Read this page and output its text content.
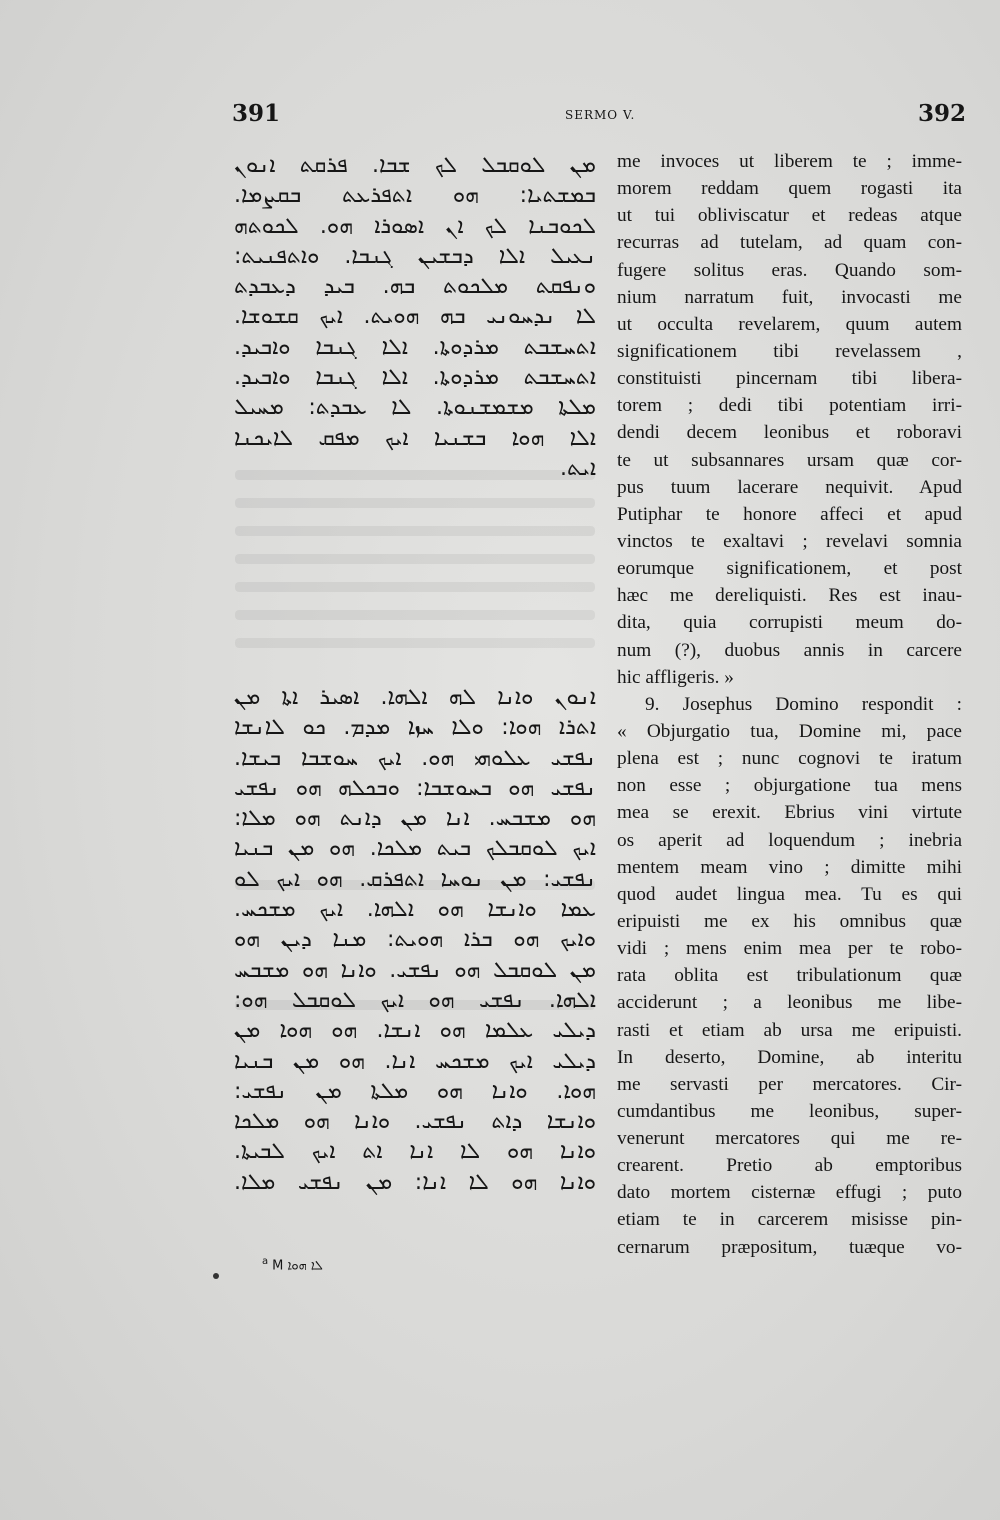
391	SERMO V.	392
ܡܢ ܠܘܩܒܠ ܠܟ ܫܒܐ. ܦܪܩܬ ܐܢܘܢ
ܒܡܫܬܝܐ: ܗܘ ܐܬܦܪܥܬ ܒܩܨܡܐ.
ܠܟܘܒܢܐ ܠܟ ܐܢ ܐܣܘܪܐ ܗܘ. ܠܟܘܬܗ
ܢܥܝܠ ܐܠܐ ܕܒܫܝܢ ܓܢܒܐ. ܘܐܬܦܢܝܬ:
ܘܢܦܩܬ ܡܠܟܘܬ ܒܗ. ܒܝܕ ܕܥܒܕܬ
ܠܐ ܢܕܚܘܢܝ ܒܗ ܗܘܝܬ. ܐܝܟ ܩܫܘܫܐ.
ܐܬܚܫܒܬ ܡܪܕܘܬܐ. ܐܠܐ ܓܢܒܐ ܘܐܒܝܕ.
ܐܬܚܫܒܬ ܡܪܕܘܬܐ. ܐܠܐ ܓܢܒܐ ܘܐܒܝܕ.
ܡܠܬܐ ܡܫܡܫܢܘܬܐ. ܠܐ ܥܒܕܬ: ܡܚܝܠ
ܐܠܐ ܗܘܐ ܒܫܢܝܐ ܐܝܟ ܡܦܩ ܠܐܝܟܢܐ
ܐܝܬ.
ܐܢܘܢ ܘܐܢܐ ܠܗ ܐܠܗܐ. ܐܣܝܪ ܐܬܐ ܡܢ
ܐܬܪܐ ܗܘܐ: ܘܠܐ ܚܙܐ ܡܕܡ. ܟܘ ܠܐܢܫܐ
ܢܦܫܝ ܥܠܘܗܝ ܗܘ. ܐܝܟ ܚܘܫܒܐ ܒܝܫܐ.
ܢܦܫܝ ܗܘ ܒܚܘܫܒܐ: ܘܒܟܠܗ ܗܘ ܢܦܫܝ
ܗܘ ܡܫܒܚ. ܐܢܐ ܡܢ ܕܐܢܬ ܗܘ ܡܠܐ:
ܐܝܟ ܠܘܩܒܠܟ ܒܝܬ ܡܠܟܐ. ܗܘ ܡܢ ܒܢܝܐ
ܢܦܫܝ: ܡܢ ܢܘܚܐ ܐܬܦܪܩ. ܗܘ ܐܝܟ ܠܘ
ܥܡܐ ܘܐܢܫܐ ܗܘ ܐܠܗܐ. ܐܝܟ ܡܫܟܚ.
ܘܐܝܟ ܗܘ ܒܪܐ ܗܘܝܬ: ܡܢܐ ܕܝܢ ܗܘ
ܡܢ ܠܘܩܒܠ ܗܘ ܢܦܫܝ. ܘܐܢܐ ܗܘ ܡܫܒܚ
ܐܠܗܐ. ܢܦܫܝ ܗܘ ܐܝܟ ܠܘܩܒܠ ܗܘ:
ܕܝܠܝ ܥܠܡܐ ܗܘ ܐܢܫܐ. ܗܘ ܗܘܐ ܡܢ
ܕܝܠܝ ܐܝܟ ܡܫܟܚ ܐܢܐ. ܗܘ ܡܢ ܒܢܝܐ
ܗܘܐ. ܘܐܢܐ ܗܘ ܡܠܬܐ ܡܢ ܢܦܫܝ:
ܘܐܢܫܐ ܕܐܬ ܢܦܫܝ. ܘܐܢܐ ܗܘ ܡܠܟܐ
ܘܐܢܐ ܗܘ ܠܐ ܐܢܐ ܐܬ ܐܝܟ ܠܒܝܬܐ.
ܘܐܢܐ ܗܘ ܠܐ ܐܢܐ: ܡܢ ܢܦܫܝ ܡܠܐ.
$^a$ M ܠܐ ܗܘܐ
me invoces ut liberem te ; imme-
morem reddam quem rogasti ita
ut tui obliviscatur et redeas atque
recurras ad tutelam, ad quam con-
fugere solitus eras. Quando som-
nium narratum fuit, invocasti me
ut occulta revelarem, quum autem
significationem tibi revelassem ,
constituisti pincernam tibi libera-
torem ; dedi tibi potentiam irri-
dendi decem leonibus et roboravi
te ut subsannares ursam quæ cor-
pus tuum lacerare nequivit. Apud
Putiphar te honore affeci et apud
vinctos te exaltavi ; revelavi somnia
eorumque significationem, et post
hæc me dereliquisti. Res est inau-
dita, quia corrupisti meum do-
num (?), duobus annis in carcere
hic affligeris. »
9. Josephus Domino respondit :
« Objurgatio tua, Domine mi, pace
plena est ; nunc cognovi te iratum
non esse ; objurgatione tua mens
mea se erexit. Ebrius vini virtute
os aperit ad loquendum ; inebria
mentem meam vino ; dimitte mihi
quod audet lingua mea. Tu es qui
eripuisti me ex his omnibus quæ
vidi ; mens enim mea per te robo-
rata oblita est tribulationum quæ
acciderunt ; a leonibus me libe-
rasti et etiam ab ursa me eripuisti.
In deserto, Domine, ab interitu
me servasti per mercatores. Cir-
cumdantibus me leonibus, super-
venerunt mercatores qui me re-
crearent. Pretio ab emptoribus
dato mortem cisternæ effugi ; puto
etiam te in carcerem misisse pin-
cernarum præpositum, tuæque vo-
